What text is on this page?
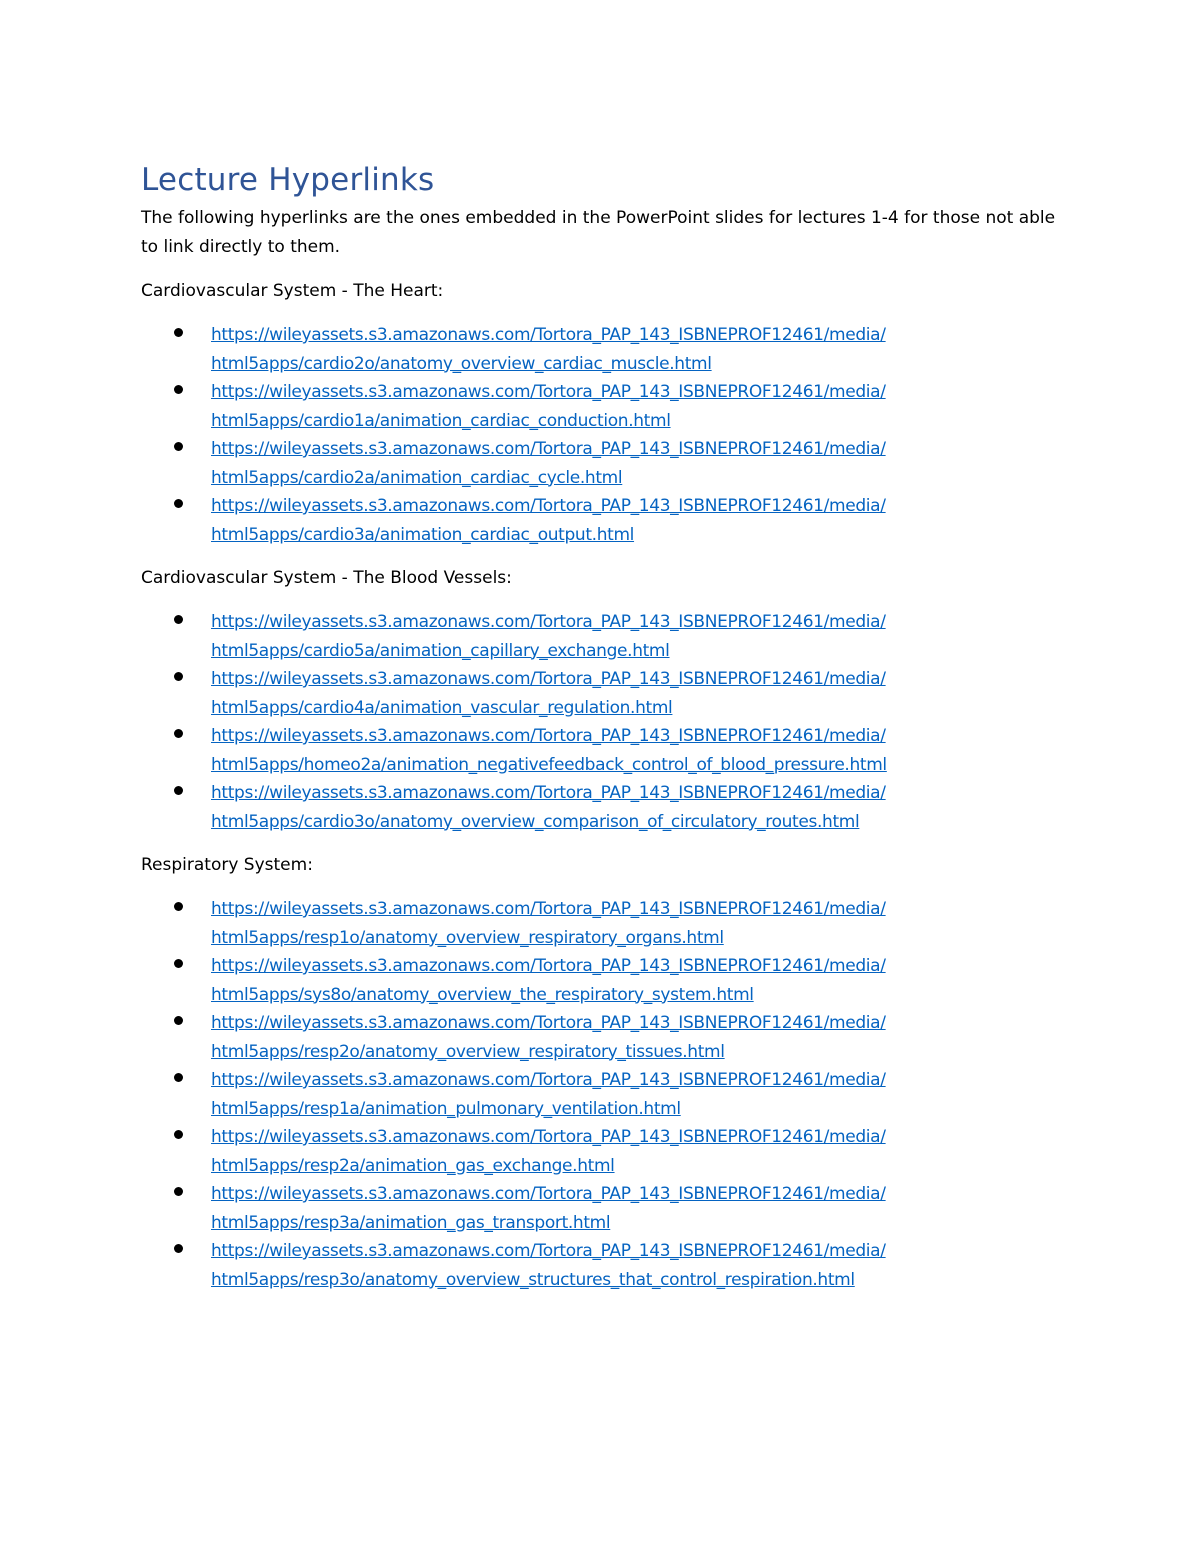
Lecture Hyperlinks

The following hyperlinks are the ones embedded in the PowerPoint slides for lectures 1-4 for those not able to link directly to them.

Cardiovascular System - The Heart:

https://wileyassets.s3.amazonaws.com/Tortora_PAP_143_ISBNEPROF12461/media/
html5apps/cardio2o/anatomy_overview_cardiac_muscle.html
https://wileyassets.s3.amazonaws.com/Tortora_PAP_143_ISBNEPROF12461/media/
html5apps/cardio1a/animation_cardiac_conduction.html
https://wileyassets.s3.amazonaws.com/Tortora_PAP_143_ISBNEPROF12461/media/
html5apps/cardio2a/animation_cardiac_cycle.html
https://wileyassets.s3.amazonaws.com/Tortora_PAP_143_ISBNEPROF12461/media/
html5apps/cardio3a/animation_cardiac_output.html

Cardiovascular System - The Blood Vessels:

https://wileyassets.s3.amazonaws.com/Tortora_PAP_143_ISBNEPROF12461/media/
html5apps/cardio5a/animation_capillary_exchange.html
https://wileyassets.s3.amazonaws.com/Tortora_PAP_143_ISBNEPROF12461/media/
html5apps/cardio4a/animation_vascular_regulation.html
https://wileyassets.s3.amazonaws.com/Tortora_PAP_143_ISBNEPROF12461/media/
html5apps/homeo2a/animation_negativefeedback_control_of_blood_pressure.html
https://wileyassets.s3.amazonaws.com/Tortora_PAP_143_ISBNEPROF12461/media/
html5apps/cardio3o/anatomy_overview_comparison_of_circulatory_routes.html

Respiratory System:

https://wileyassets.s3.amazonaws.com/Tortora_PAP_143_ISBNEPROF12461/media/
html5apps/resp1o/anatomy_overview_respiratory_organs.html
https://wileyassets.s3.amazonaws.com/Tortora_PAP_143_ISBNEPROF12461/media/
html5apps/sys8o/anatomy_overview_the_respiratory_system.html
https://wileyassets.s3.amazonaws.com/Tortora_PAP_143_ISBNEPROF12461/media/
html5apps/resp2o/anatomy_overview_respiratory_tissues.html
https://wileyassets.s3.amazonaws.com/Tortora_PAP_143_ISBNEPROF12461/media/
html5apps/resp1a/animation_pulmonary_ventilation.html
https://wileyassets.s3.amazonaws.com/Tortora_PAP_143_ISBNEPROF12461/media/
html5apps/resp2a/animation_gas_exchange.html
https://wileyassets.s3.amazonaws.com/Tortora_PAP_143_ISBNEPROF12461/media/
html5apps/resp3a/animation_gas_transport.html
https://wileyassets.s3.amazonaws.com/Tortora_PAP_143_ISBNEPROF12461/media/
html5apps/resp3o/anatomy_overview_structures_that_control_respiration.html
